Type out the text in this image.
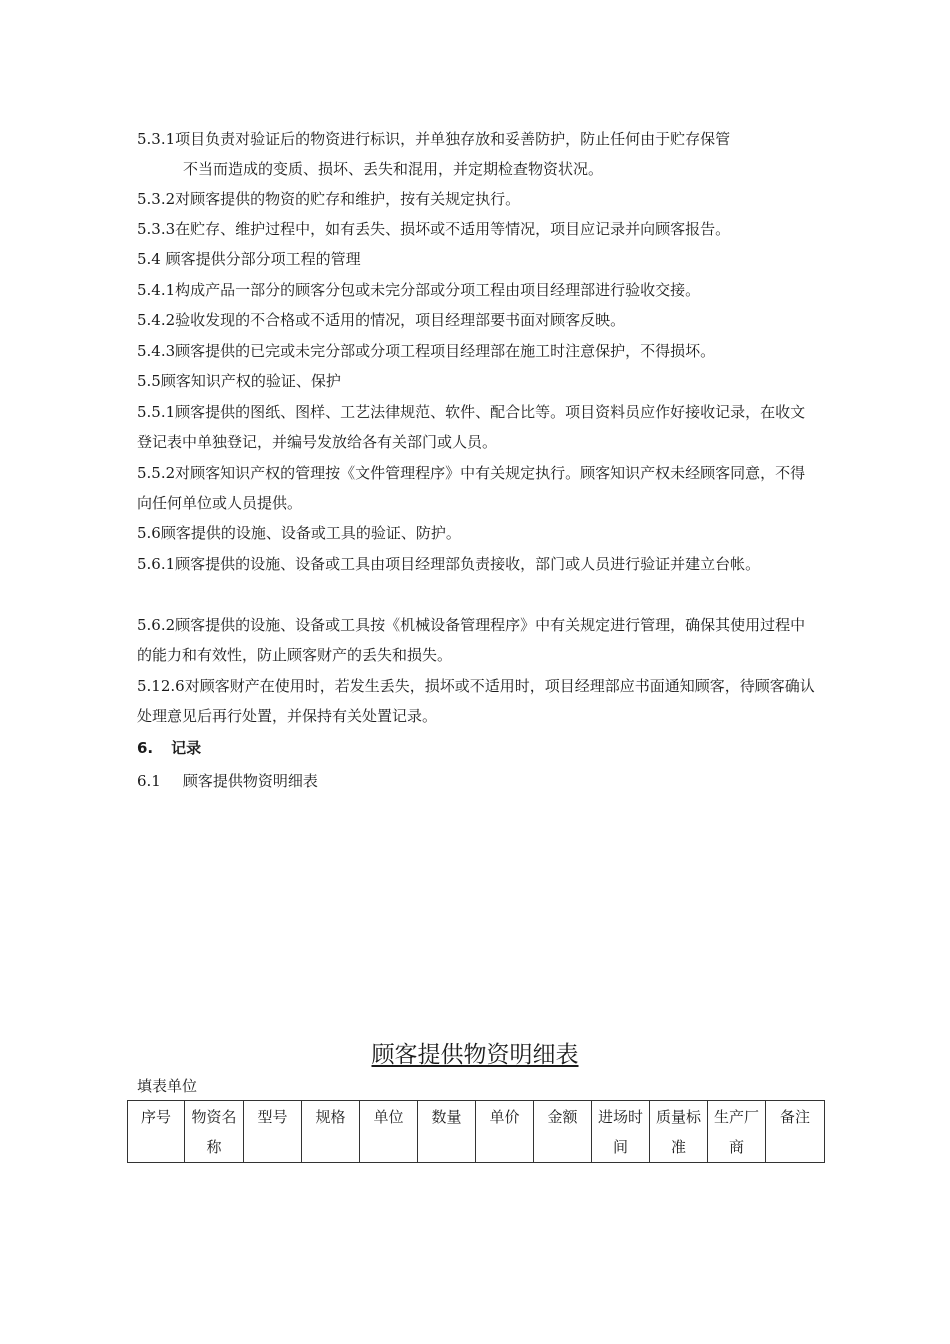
5.3.1项目负责对验证后的物资进行标识，并单独存放和妥善防护，防止任何由于贮存保管

不当而造成的变质、损坏、丢失和混用，并定期检查物资状况。

5.3.2对顾客提供的物资的贮存和维护，按有关规定执行。

5.3.3在贮存、维护过程中，如有丢失、损坏或不适用等情况，项目应记录并向顾客报告。

5.4 顾客提供分部分项工程的管理

5.4.1构成产品一部分的顾客分包或未完分部或分项工程由项目经理部进行验收交接。

5.4.2验收发现的不合格或不适用的情况，项目经理部要书面对顾客反映。

5.4.3顾客提供的已完或未完分部或分项工程项目经理部在施工时注意保护，不得损坏。

5.5顾客知识产权的验证、保护

5.5.1顾客提供的图纸、图样、工艺法律规范、软件、配合比等。项目资料员应作好接收记录，在收文登记表中单独登记，并编号发放给各有关部门或人员。

5.5.2对顾客知识产权的管理按《文件管理程序》中有关规定执行。顾客知识产权未经顾客同意，不得向任何单位或人员提供。

5.6顾客提供的设施、设备或工具的验证、防护。

5.6.1顾客提供的设施、设备或工具由项目经理部负责接收，部门或人员进行验证并建立台帐。

5.6.2顾客提供的设施、设备或工具按《机械设备管理程序》中有关规定进行管理，确保其使用过程中的能力和有效性，防止顾客财产的丢失和损失。

5.12.6对顾客财产在使用时，若发生丢失，损坏或不适用时，项目经理部应书面通知顾客，待顾客确认处理意见后再行处置，并保持有关处置记录。

6. 记录

6.1 顾客提供物资明细表

顾客提供物资明细表
填表单位
序号	物资名称	型号	规格	单位	数量	单价	金额	进场时间	质量标准	生产厂商	备注
